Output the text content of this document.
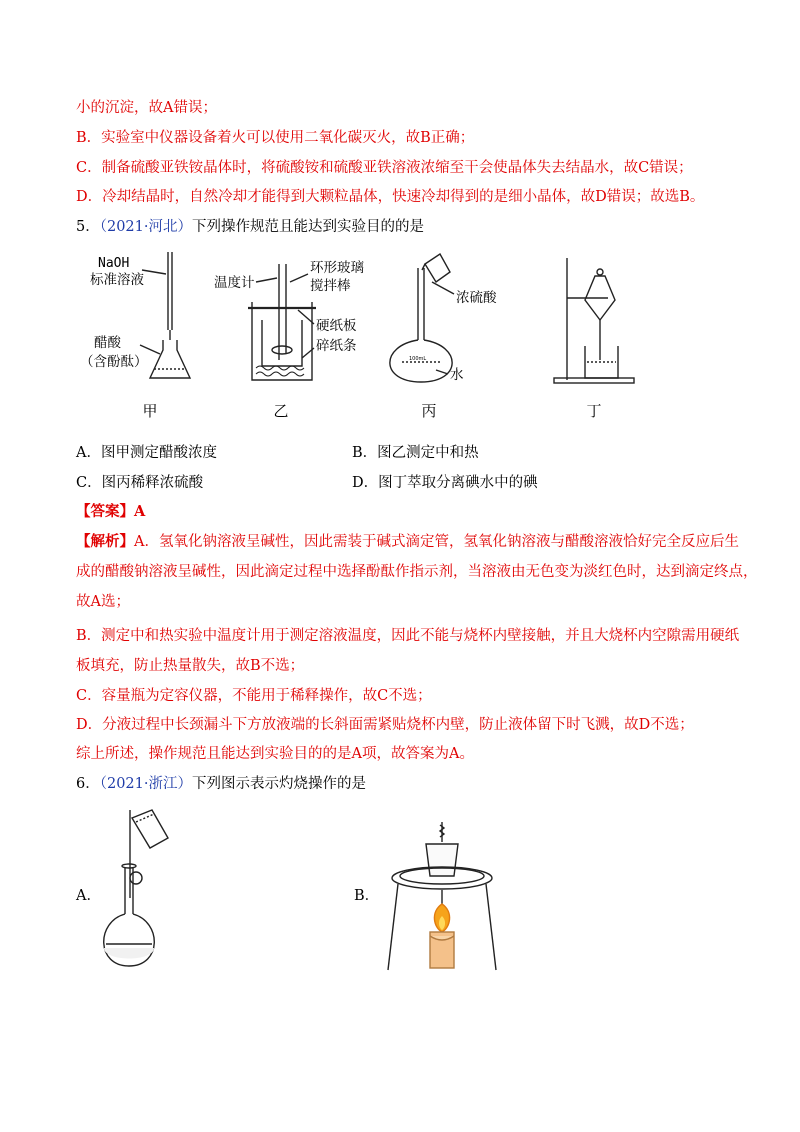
小的沉淀，故A错误；
B．实验室中仪器设备着火可以使用二氧化碳灭火，故B正确；
C．制备硫酸亚铁铵晶体时，将硫酸铵和硫酸亚铁溶液浓缩至干会使晶体失去结晶水，故C错误；
D．冷却结晶时，自然冷却才能得到大颗粒晶体，快速冷却得到的是细小晶体，故D错误；故选B。
5．（2021·河北）下列操作规范且能达到实验目的的是
NaOH
标准溶液
醋酸
（含酚酞）
温度计
环形玻璃
搅拌棒
硬纸板
碎纸条
浓硫酸
水
100mL
甲	乙	丙	丁
A．图甲测定醋酸浓度	B．图乙测定中和热
C．图丙稀释浓硫酸	D．图丁萃取分离碘水中的碘
【答案】A
【解析】A．氢氧化钠溶液呈碱性，因此需装于碱式滴定管，氢氧化钠溶液与醋酸溶液恰好完全反应后生
成的醋酸钠溶液呈碱性，因此滴定过程中选择酚酞作指示剂，当溶液由无色变为淡红色时，达到滴定终点，
故A选；
B．测定中和热实验中温度计用于测定溶液温度，因此不能与烧杯内壁接触，并且大烧杯内空隙需用硬纸
板填充，防止热量散失，故B不选；
C．容量瓶为定容仪器，不能用于稀释操作，故C不选；
D．分液过程中长颈漏斗下方放液端的长斜面需紧贴烧杯内壁，防止液体留下时飞溅，故D不选；
综上所述，操作规范且能达到实验目的的是A项，故答案为A。
6．（2021·浙江）下列图示表示灼烧操作的是
A．	B．
